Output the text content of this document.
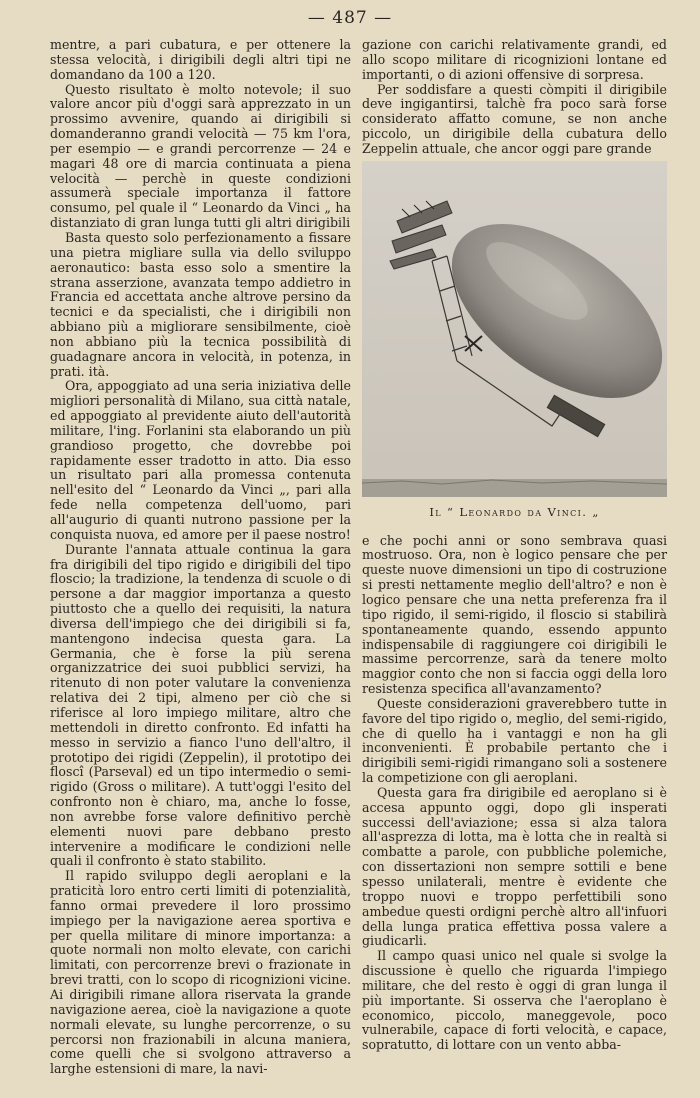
— 487 —

mentre, a pari cubatura, e per ottenere la stessa velocità, i dirigibili degli altri tipi ne domandano da 100 a 120.

Questo risultato è molto notevole; il suo valore ancor più d'oggi sarà apprezzato in un prossimo avvenire, quando ai dirigibili si domanderanno grandi velocità — 75 km l'ora, per esempio — e grandi percorrenze — 24 e magari 48 ore di marcia continuata a piena velocità — perchè in queste condizioni assumerà speciale importanza il fattore consumo, pel quale il “ Leonardo da Vinci „ ha distanziato di gran lunga tutti gli altri dirigibili

Basta questo solo perfezionamento a fissare una pietra migliare sulla via dello sviluppo aeronautico: basta esso solo a smentire la strana asserzione, avanzata tempo addietro in Francia ed accettata anche altrove persino da tecnici e da specialisti, che i dirigibili non abbiano più a migliorare sensibilmente, cioè non abbiano più la tecnica possibilità di guadagnare ancora in velocità, in potenza, in prati. ità.

Ora, appoggiato ad una seria iniziativa delle migliori personalità di Milano, sua città natale, ed appoggiato al previdente aiuto dell'autorità militare, l'ing. Forlanini sta elaborando un più grandioso progetto, che dovrebbe poi rapidamente esser tradotto in atto. Dia esso un risultato pari alla promessa contenuta nell'esito del “ Leonardo da Vinci „, pari alla fede nella competenza dell'uomo, pari all'augurio di quanti nutrono passione per la conquista nuova, ed amore per il paese nostro!

Durante l'annata attuale continua la gara fra dirigibili del tipo rigido e dirigibili del tipo floscio; la tradizione, la tendenza di scuole o di persone a dar maggior importanza a questo piuttosto che a quello dei requisiti, la natura diversa dell'impiego che dei dirigibili si fa, mantengono indecisa questa gara. La Germania, che è forse la più serena organizzatrice dei suoi pubblici servizi, ha ritenuto di non poter valutare la convenienza relativa dei 2 tipi, almeno per ciò che si riferisce al loro impiego militare, altro che mettendoli in diretto confronto. Ed infatti ha messo in servizio a fianco l'uno dell'altro, il prototipo dei rigidi (Zeppelin), il prototipo dei floscî (Parseval) ed un tipo intermedio o semi-rigido (Gross o militare). A tutt'oggi l'esito del confronto non è chiaro, ma, anche lo fosse, non avrebbe forse valore definitivo perchè elementi nuovi pare debbano presto intervenire a modificare le condizioni nelle quali il confronto è stato stabilito.

Il rapido sviluppo degli aeroplani e la praticità loro entro certi limiti di potenzialità, fanno ormai prevedere il loro prossimo impiego per la navigazione aerea sportiva e per quella militare di minore importanza: a quote normali non molto elevate, con carichi limitati, con percorrenze brevi o frazionate in brevi tratti, con lo scopo di ricognizioni vicine. Ai dirigibili rimane allora riservata la grande navigazione aerea, cioè la navigazione a quote normali elevate, su lunghe percorrenze, o su percorsi non frazionabili in alcuna maniera, come quelli che si svolgono attraverso a larghe estensioni di mare, la navi-

gazione con carichi relativamente grandi, ed allo scopo militare di ricognizioni lontane ed importanti, o di azioni offensive di sorpresa.

Per soddisfare a questi còmpiti il dirigibile deve ingigantirsi, talchè fra poco sarà forse considerato affatto comune, se non anche piccolo, un dirigibile della cubatura dello Zeppelin attuale, che ancor oggi pare grande

Il “ Leonardo da Vinci. „

e che pochi anni or sono sembrava quasi mostruoso. Ora, non è logico pensare che per queste nuove dimensioni un tipo di costruzione si presti nettamente meglio dell'altro? e non è logico pensare che una netta preferenza fra il tipo rigido, il semi-rigido, il floscio si stabilirà spontaneamente quando, essendo appunto indispensabile di raggiungere coi dirigibili le massime percorrenze, sarà da tenere molto maggior conto che non si faccia oggi della loro resistenza specifica all'avanzamento?

Queste considerazioni graverebbero tutte in favore del tipo rigido o, meglio, del semi-rigido, che di quello ha i vantaggi e non ha gli inconvenienti. È probabile pertanto che i dirigibili semi-rigidi rimangano soli a sostenere la competizione con gli aeroplani.

Questa gara fra dirigibile ed aeroplano si è accesa appunto oggi, dopo gli insperati successi dell'aviazione; essa si alza talora all'asprezza di lotta, ma è lotta che in realtà si combatte a parole, con pubbliche polemiche, con dissertazioni non sempre sottili e bene spesso unilaterali, mentre è evidente che troppo nuovi e troppo perfettibili sono ambedue questi ordigni perchè altro all'infuori della lunga pratica effettiva possa valere a giudicarli.

Il campo quasi unico nel quale si svolge la discussione è quello che riguarda l'impiego militare, che del resto è oggi di gran lunga il più importante. Si osserva che l'aeroplano è economico, piccolo, maneggevole, poco vulnerabile, capace di forti velocità, e capace, sopratutto, di lottare con un vento abba-
